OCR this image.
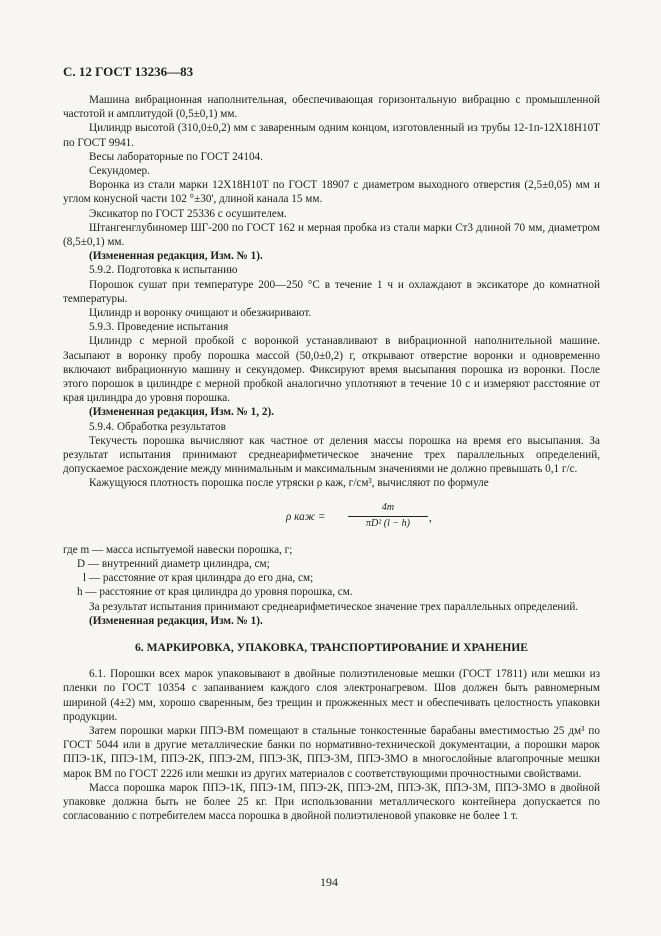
С. 12 ГОСТ 13236—83

Машина вибрационная наполнительная, обеспечивающая горизонтальную вибрацию с промышленной частотой и амплитудой (0,5±0,1) мм.

Цилиндр высотой (310,0±0,2) мм с заваренным одним концом, изготовленный из трубы 12-1п-12Х18Н10Т по ГОСТ 9941.

Весы лабораторные по ГОСТ 24104.

Секундомер.

Воронка из стали марки 12Х18Н10Т по ГОСТ 18907 с диаметром выходного отверстия (2,5±0,05) мм и углом конусной части 102 °±30', длиной канала 15 мм.

Эксикатор по ГОСТ 25336 с осушителем.

Штангенглубиномер ШГ-200 по ГОСТ 162 и мерная пробка из стали марки Ст3 длиной 70 мм, диаметром (8,5±0,1) мм.

(Измененная редакция, Изм. № 1).

5.9.2. Подготовка к испытанию

Порошок сушат при температуре 200—250 °С в течение 1 ч и охлаждают в эксикаторе до комнатной температуры.

Цилиндр и воронку очищают и обезжиривают.

5.9.3. Проведение испытания

Цилиндр с мерной пробкой с воронкой устанавливают в вибрационной наполнительной машине. Засыпают в воронку пробу порошка массой (50,0±0,2) г, открывают отверстие воронки и одновременно включают вибрационную машину и секундомер. Фиксируют время высыпания порошка из воронки. После этого порошок в цилиндре с мерной пробкой аналогично уплотняют в течение 10 с и измеряют расстояние от края цилиндра до уровня порошка.

(Измененная редакция, Изм. № 1, 2).

5.9.4. Обработка результатов

Текучесть порошка вычисляют как частное от деления массы порошка на время его высыпания. За результат испытания принимают среднеарифметическое значение трех параллельных определений, допускаемое расхождение между минимальным и максимальным значениями не должно превышать 0,1 г/с.

Кажущуюся плотность порошка после утряски ρ каж, г/см³, вычисляют по формуле

ρ каж = $\frac{4m}{\text{πD² (l − h)}}$ ,

где m — масса испытуемой навески порошка, г;

D — внутренний диаметр цилиндра, см;

l — расстояние от края цилиндра до его дна, см;

h — расстояние от края цилиндра до уровня порошка, см.

За результат испытания принимают среднеарифметическое значение трех параллельных определений.

(Измененная редакция, Изм. № 1).

6. МАРКИРОВКА, УПАКОВКА, ТРАНСПОРТИРОВАНИЕ И ХРАНЕНИЕ

6.1. Порошки всех марок упаковывают в двойные полиэтиленовые мешки (ГОСТ 17811) или мешки из пленки по ГОСТ 10354 с запаиванием каждого слоя электронагревом. Шов должен быть равномерным шириной (4±2) мм, хорошо сваренным, без трещин и прожженных мест и обеспечивать целостность упаковки продукции.

Затем порошки марки ППЭ-ВМ помещают в стальные тонкостенные барабаны вместимостью 25 дм³ по ГОСТ 5044 или в другие металлические банки по нормативно-технической документации, а порошки марок ППЭ-1К, ППЭ-1М, ППЭ-2К, ППЭ-2М, ППЭ-3К, ППЭ-3М, ППЭ-3МО в многослойные влагопрочные мешки марок ВМ по ГОСТ 2226 или мешки из других материалов с соответствующими прочностными свойствами.

Масса порошка марок ППЭ-1К, ППЭ-1М, ППЭ-2К, ППЭ-2М, ППЭ-3К, ППЭ-3М, ППЭ-3МО в двойной упаковке должна быть не более 25 кг. При использовании металлического контейнера допускается по согласованию с потребителем масса порошка в двойной полиэтиленовой упаковке не более 1 т.

194
